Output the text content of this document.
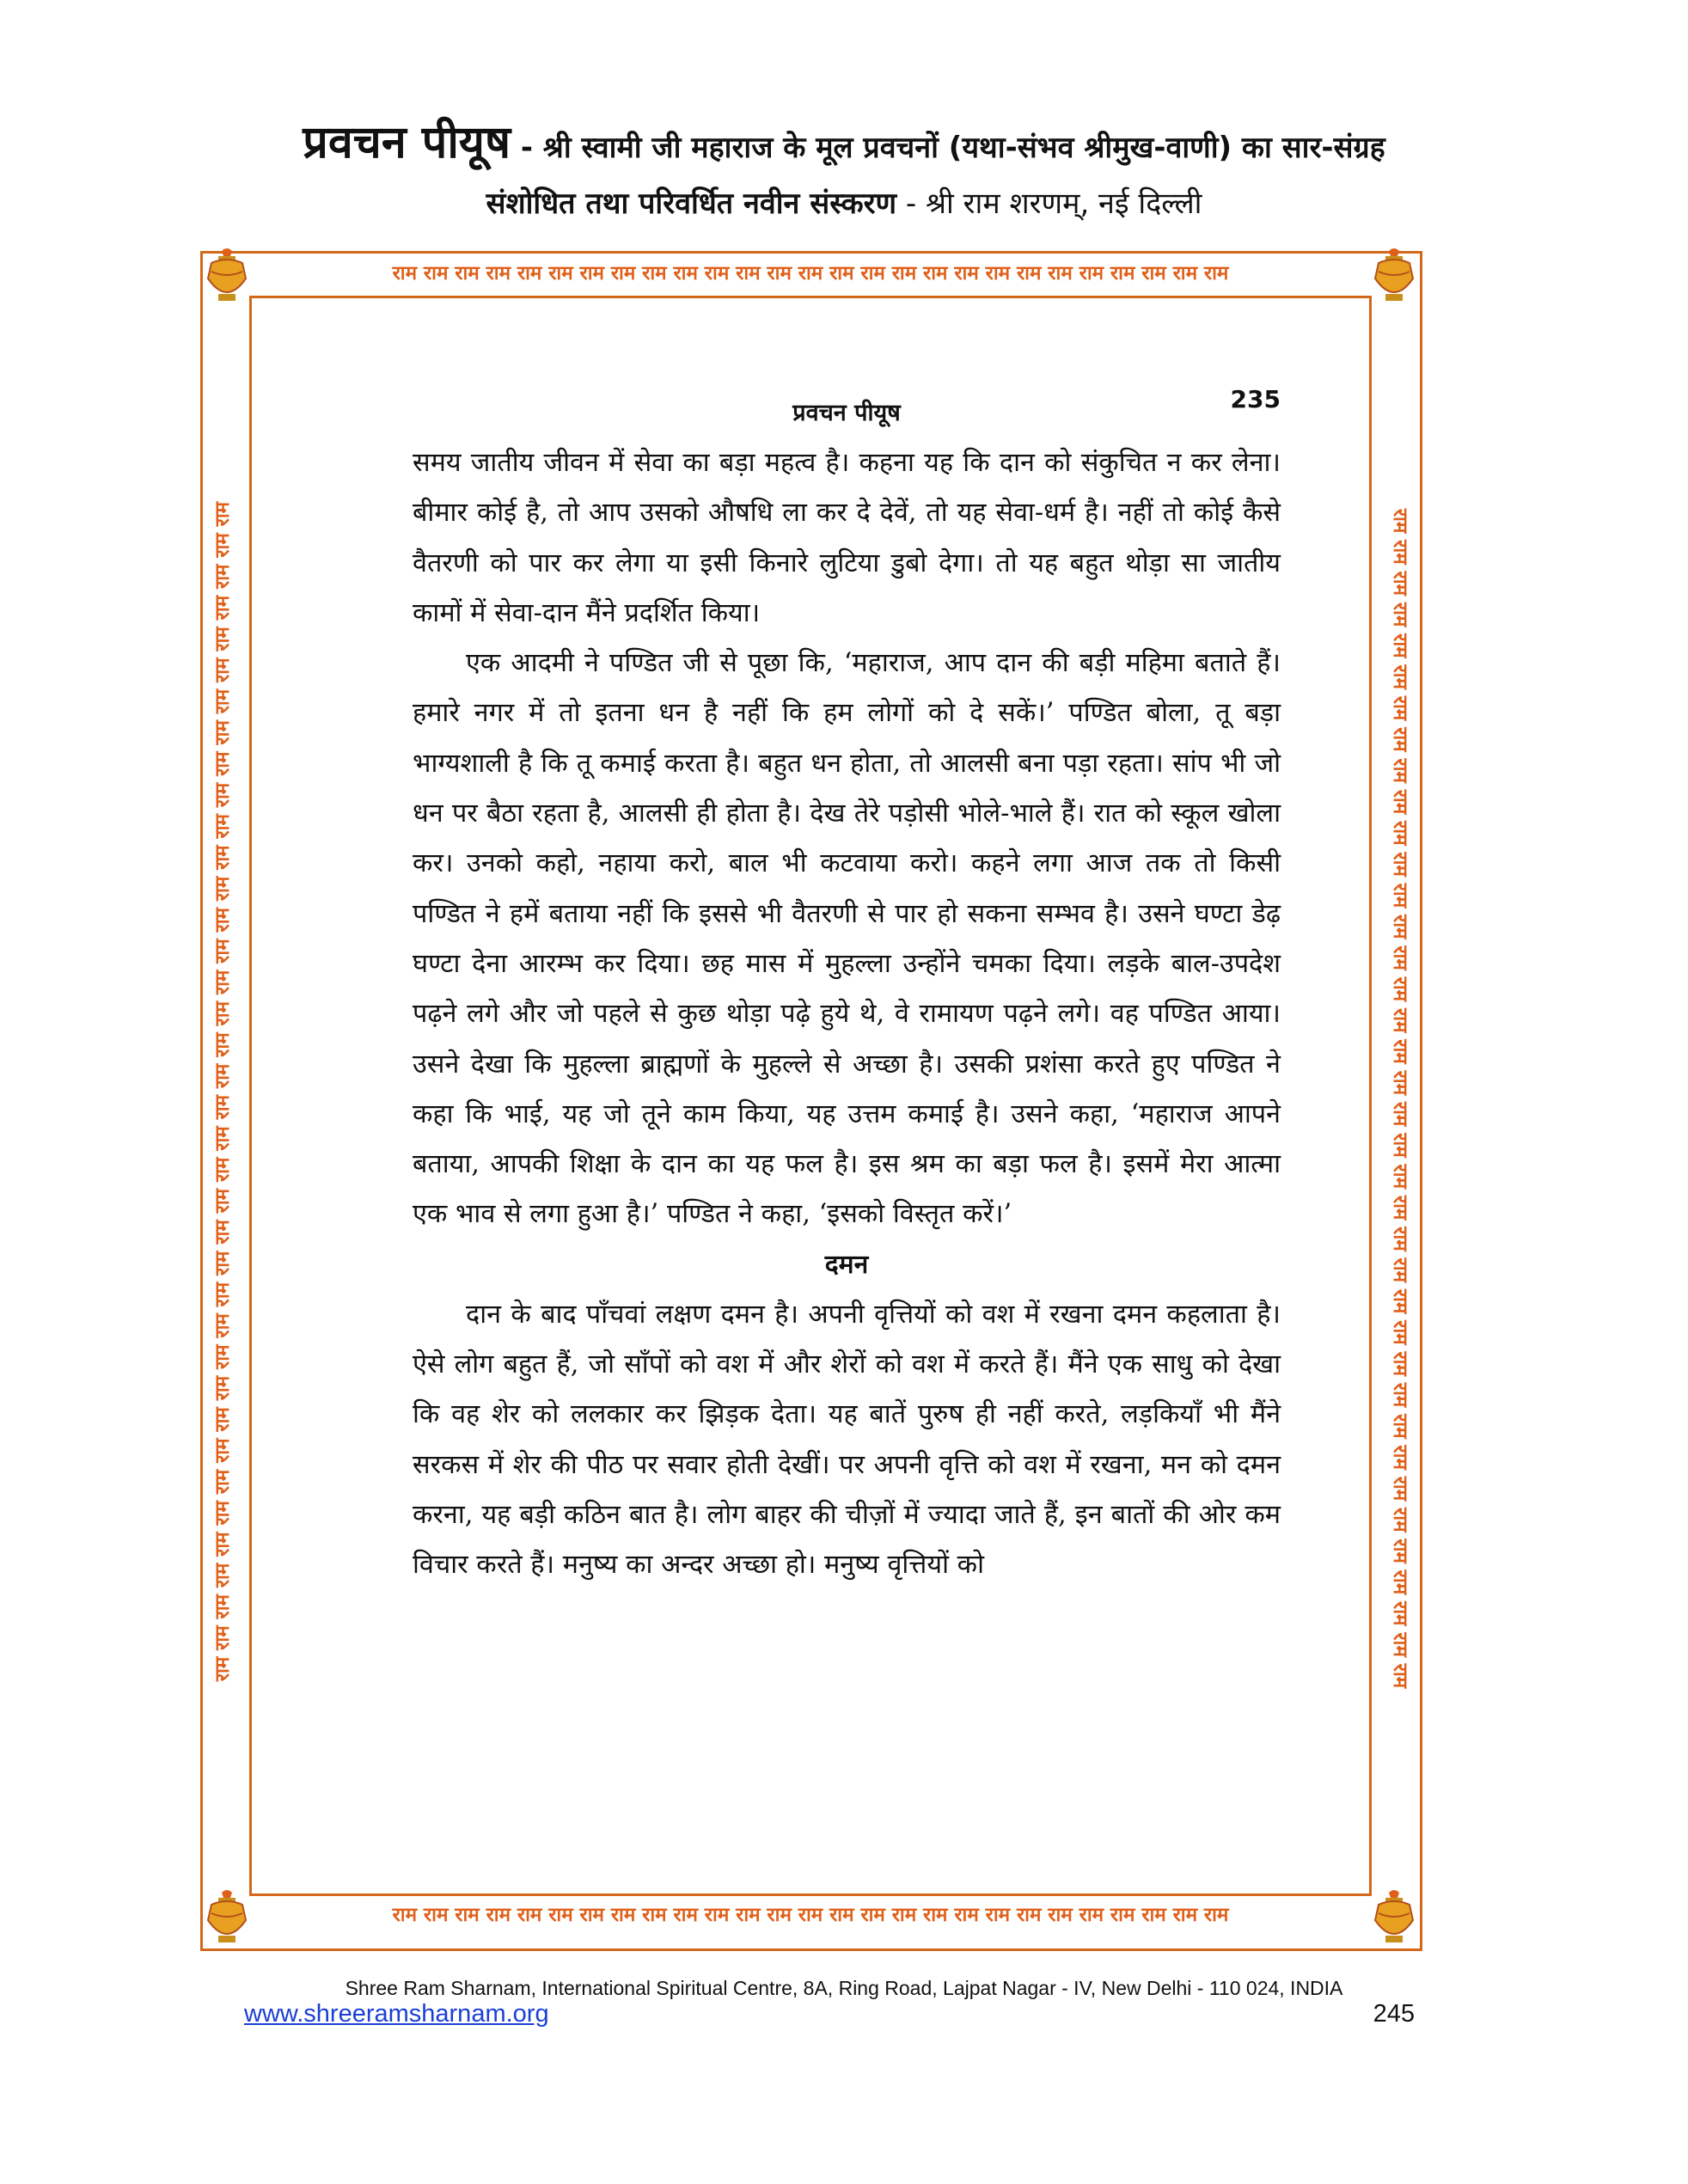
प्रवचन पीयूष - श्री स्वामी जी महाराज के मूल प्रवचनों (यथा-संभव श्रीमुख-वाणी) का सार-संग्रह
संशोधित तथा परिवर्धित नवीन संस्करण - श्री राम शरणम्, नई दिल्ली
राम राम राम राम राम राम राम राम राम राम राम राम राम राम राम राम राम राम राम राम राम राम राम राम राम राम राम
राम राम राम राम राम राम राम राम राम राम राम राम राम राम राम राम राम राम राम राम राम राम राम राम राम राम राम
राम राम राम राम राम राम राम राम राम राम राम राम राम राम राम राम राम राम राम राम राम राम राम राम राम राम राम राम राम राम राम राम राम राम राम राम राम राम	राम राम राम राम राम राम राम राम राम राम राम राम राम राम राम राम राम राम राम राम राम राम राम राम राम राम राम राम राम राम राम राम राम राम राम राम राम राम
प्रवचन पीयूष	235

समय जातीय जीवन में सेवा का बड़ा महत्व है। कहना यह कि दान को संकुचित न कर लेना। बीमार कोई है, तो आप उसको औषधि ला कर दे देवें, तो यह सेवा-धर्म है। नहीं तो कोई कैसे वैतरणी को पार कर लेगा या इसी किनारे लुटिया डुबो देगा। तो यह बहुत थोड़ा सा जातीय कामों में सेवा-दान मैंने प्रदर्शित किया।

एक आदमी ने पण्डित जी से पूछा कि, ‘महाराज, आप दान की बड़ी महिमा बताते हैं। हमारे नगर में तो इतना धन है नहीं कि हम लोगों को दे सकें।’ पण्डित बोला, तू बड़ा भाग्यशाली है कि तू कमाई करता है। बहुत धन होता, तो आलसी बना पड़ा रहता। सांप भी जो धन पर बैठा रहता है, आलसी ही होता है। देख तेरे पड़ोसी भोले-भाले हैं। रात को स्कूल खोला कर। उनको कहो, नहाया करो, बाल भी कटवाया करो। कहने लगा आज तक तो किसी पण्डित ने हमें बताया नहीं कि इससे भी वैतरणी से पार हो सकना सम्भव है। उसने घण्टा डेढ़ घण्टा देना आरम्भ कर दिया। छह मास में मुहल्ला उन्होंने चमका दिया। लड़के बाल-उपदेश पढ़ने लगे और जो पहले से कुछ थोड़ा पढ़े हुये थे, वे रामायण पढ़ने लगे। वह पण्डित आया। उसने देखा कि मुहल्ला ब्राह्मणों के मुहल्ले से अच्छा है। उसकी प्रशंसा करते हुए पण्डित ने कहा कि भाई, यह जो तूने काम किया, यह उत्तम कमाई है। उसने कहा, ‘महाराज आपने बताया, आपकी शिक्षा के दान का यह फल है। इस श्रम का बड़ा फल है। इसमें मेरा आत्मा एक भाव से लगा हुआ है।’ पण्डित ने कहा, ‘इसको विस्तृत करें।’

दमन

दान के बाद पाँचवां लक्षण दमन है। अपनी वृत्तियों को वश में रखना दमन कहलाता है। ऐसे लोग बहुत हैं, जो साँपों को वश में और शेरों को वश में करते हैं। मैंने एक साधु को देखा कि वह शेर को ललकार कर झिड़क देता। यह बातें पुरुष ही नहीं करते, लड़कियाँ भी मैंने सरकस में शेर की पीठ पर सवार होती देखीं। पर अपनी वृत्ति को वश में रखना, मन को दमन करना, यह बड़ी कठिन बात है। लोग बाहर की चीज़ों में ज्यादा जाते हैं, इन बातों की ओर कम विचार करते हैं। मनुष्य का अन्दर अच्छा हो। मनुष्य वृत्तियों को

Shree Ram Sharnam, International Spiritual Centre, 8A, Ring Road, Lajpat Nagar - IV, New Delhi - 110 024, INDIA
www.shreeramsharnam.org	245
